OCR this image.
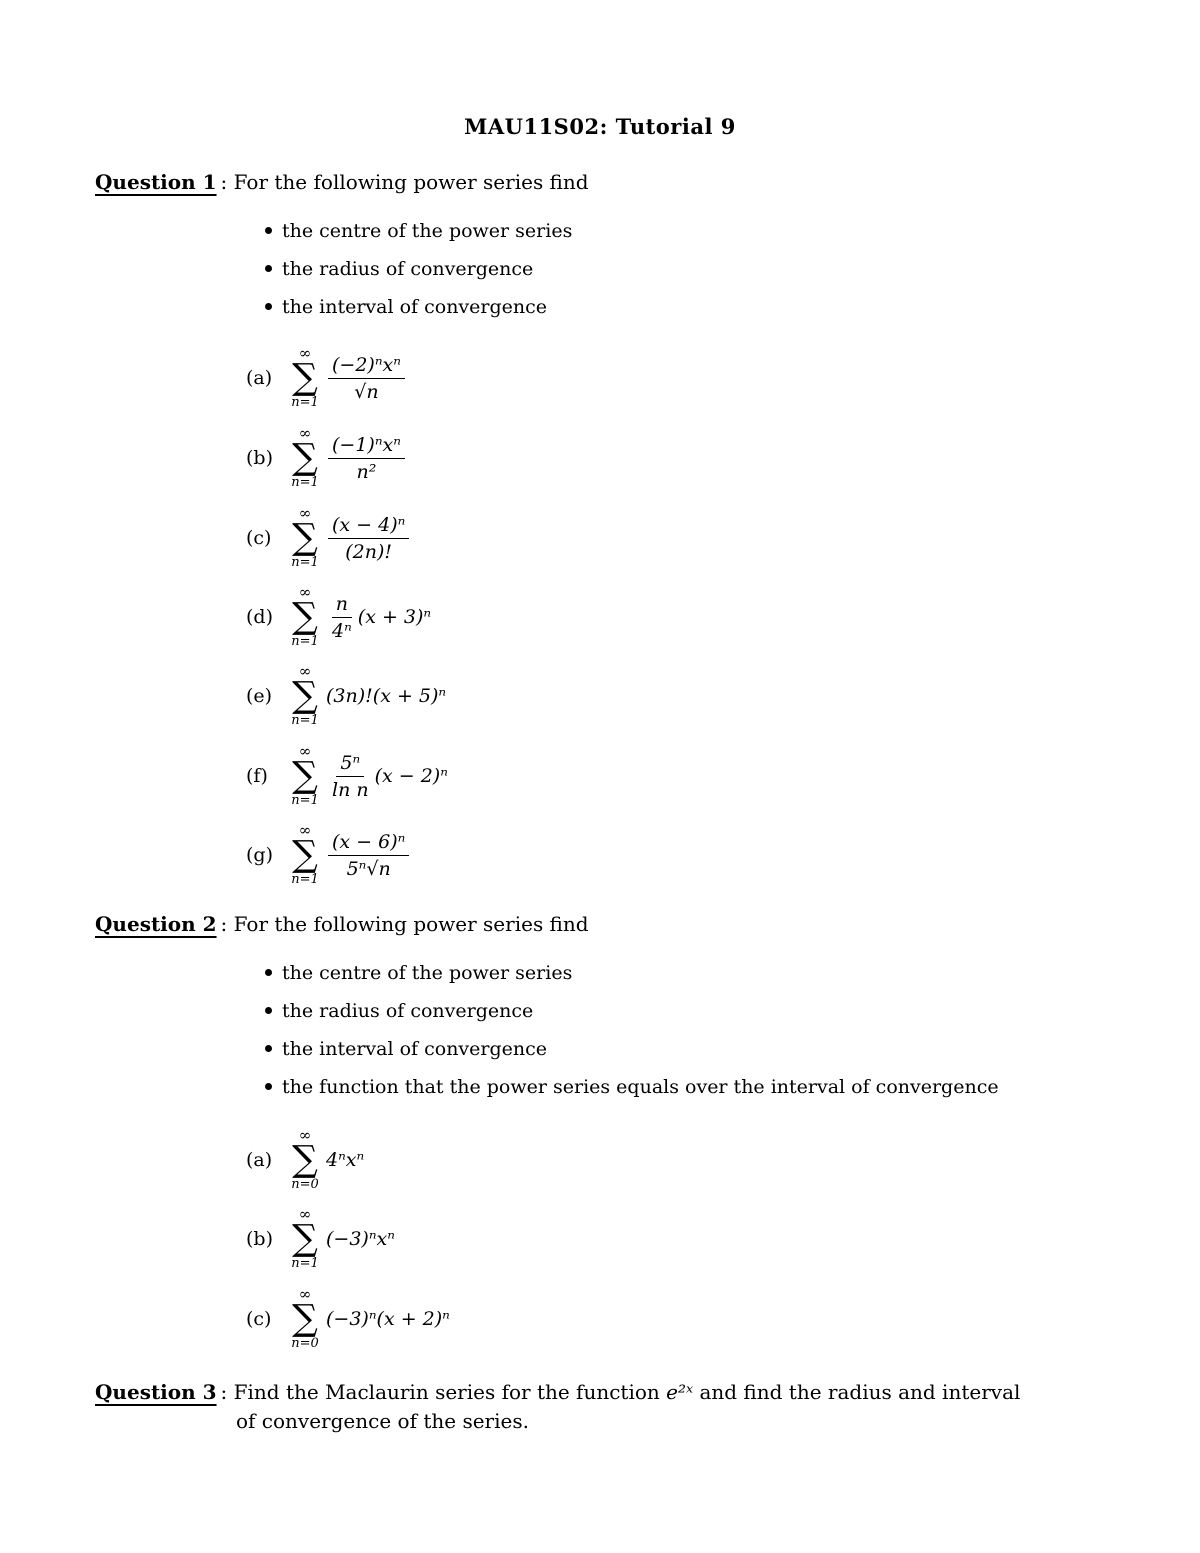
MAU11S02: Tutorial 9
Question 1 : For the following power series find
the centre of the power series
the radius of convergence
the interval of convergence
(a)
∞
∑
$n=1 \frac{\text{(−2)ⁿxⁿ}}{√n}$
(b)
∞
∑
$n=1 \frac{\text{(−1)ⁿxⁿ}}{\text{n²}}$
(c)
∞
∑
$n=1 \frac{\text{(x − 4)ⁿ}}{(2n)!}$
(d)
∞
∑
$n=1 \frac{n}{\text{4ⁿ}} (x + 3)^n$
(e)
∞
∑
n=1
(3n)!(x + 5)ⁿ
(f)
∞
∑
$n=1 \frac{\text{5ⁿ}}{\text{ln n}} (x - 2)^n$
(g)
∞
∑
$n=1 \frac{\text{(x − 6)ⁿ}}{\text{5ⁿ√n}}$
Question 2 : For the following power series find
the centre of the power series
the radius of convergence
the interval of convergence
the function that the power series equals over the interval of convergence
(a)
∞
∑
n=0
4ⁿxⁿ
(b)
∞
∑
n=1
(−3)ⁿxⁿ
(c)
∞
∑
n=0
(−3)ⁿ(x + 2)ⁿ
Question 3 : Find the Maclaurin series for the function e²ˣ and find the radius and interval
of convergence of the series.
